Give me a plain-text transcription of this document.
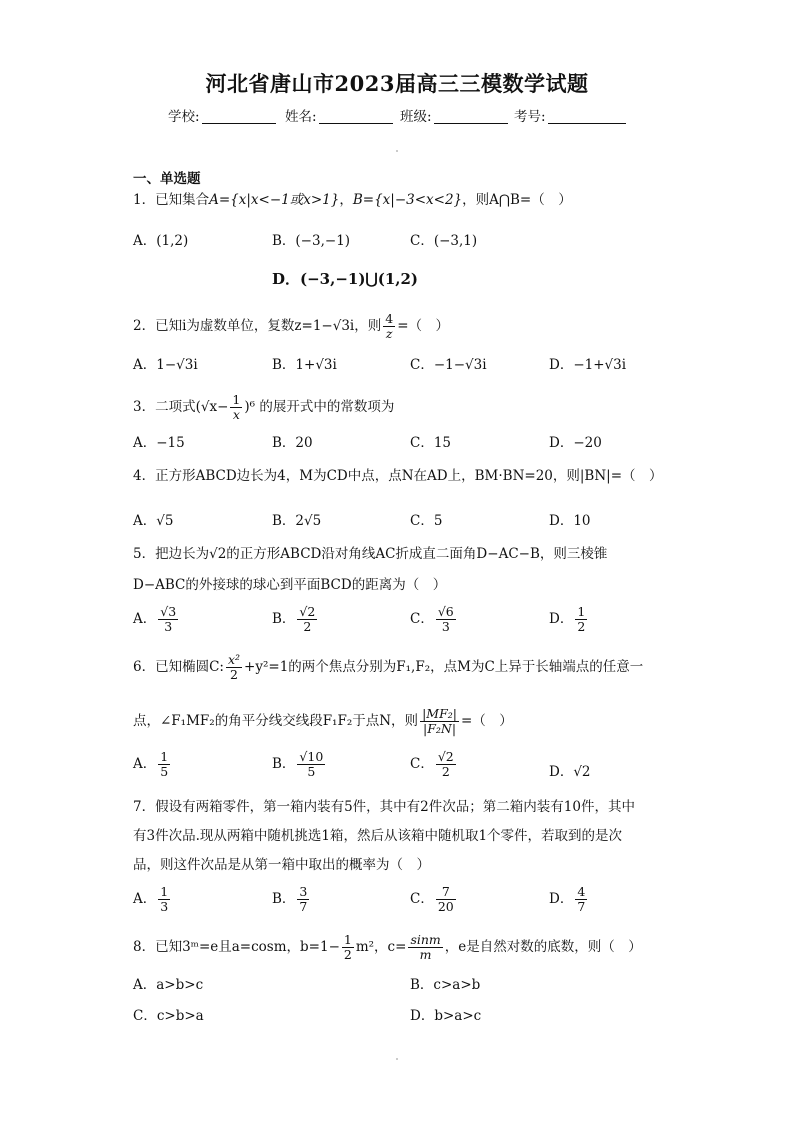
河北省唐山市2023届高三三模数学试题
学校:	姓名:	班级:	考号:
一、单选题
1．已知集合A={x|x<−1或x>1}，B={x|−3<x<2}，则A⋂B=（　）
A．(1,2)	B．(−3,−1)	C．(−3,1)
D．(−3,−1)⋃(1,2)
2．已知i为虚数单位，复数z=1−√3i，则 $\frac{4}{z}$ =（　）
A．1−√3i	B．1+√3i	C．−1−√3i	D．−1+√3i
3．二项式$(√x- \frac{1}{x} )^6$ 的展开式中的常数项为
A．−15	B．20	C．15	D．−20
4．正方形ABCD边长为4，M为CD中点，点N在AD上，BM·BN=20，则|BN|=（　）
A．√5	B．2√5	C．5	D．10
5．把边长为√2的正方形ABCD沿对角线AC折成直二面角D−AC−B，则三棱锥
D−ABC的外接球的球心到平面BCD的距离为（　）
A． $\frac{√3}{3}$	B． $\frac{√2}{2}$	C． $\frac{√6}{3}$	D． $\frac{1}{2}$
6．已知椭圆C: $\frac{\text{x²}}{2} +y^2=1$的两个焦点分别为F₁,F₂，点M为C上异于长轴端点的任意一
点，∠F₁MF₂的角平分线交线段F₁F₂于点N，则 $\frac{\text{|MF₂|}}{\text{|F₂N|}}$ =（　）
A． $\frac{1}{5}$	B． $\frac{√10}{5}$	C． $\frac{√2}{2}$	D．√2
7．假设有两箱零件，第一箱内装有5件，其中有2件次品；第二箱内装有10件，其中
有3件次品.现从两箱中随机挑选1箱，然后从该箱中随机取1个零件，若取到的是次
品，则这件次品是从第一箱中取出的概率为（　）
A． $\frac{1}{3}$	B． $\frac{3}{7}$	C． $\frac{7}{20}$	D． $\frac{4}{7}$
8．已知3ᵐ=e且a=cosm，$b=1- \frac{1}{2} m^2$，$c= \frac{\sin m}{m}$ ，e是自然对数的底数，则（　）
A．a>b>c	B．c>a>b
C．c>b>a	D．b>a>c
